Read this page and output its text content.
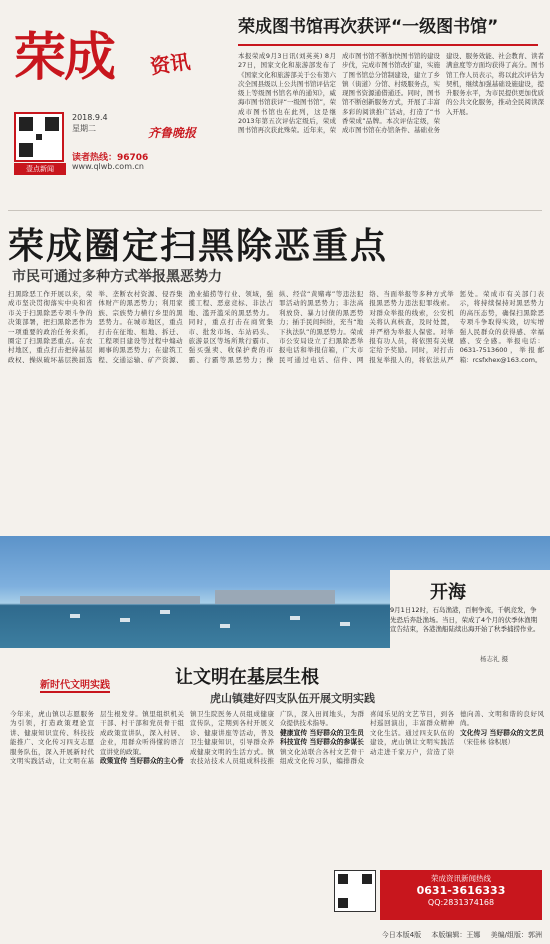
荣成	资讯
壹点新闻
2018.9.4
星期二
读者热线：96706
www.qlwb.com.cn
齐鲁晚报
荣成图书馆再次获评“一级图书馆”
本报荣成9月3日讯(刘英英) 8月27日，国家文化和旅游部发布了《国家文化和旅游部关于公布第六次全国县级以上公共图书馆评估定级上等级图书馆名单的通知》，威海市图书馆获评“一级图书馆”，荣成市图书馆也在此列，这是继2013年第五次评估定级后，荣成图书馆再次获此殊荣。近年来，荣成市图书馆不断加快图书馆的建设步伐，完成市图书馆改扩建，实施了图书馆总分馆制建设，建立了乡镇（街道）分馆、村级服务点，实现图书资源通借通还。同时，图书馆不断创新服务方式，开展了丰富多彩的阅读推广活动，打造了“书香荣成”品牌。本次评估定级，荣成市图书馆在办馆条件、基础业务建设、服务效能、社会教育、读者满意度等方面均获得了高分。图书馆工作人员表示，将以此次评估为契机，继续加强基础设施建设，提升服务水平，为市民提供更加优质的公共文化服务，推动全民阅读深入开展。
荣成圈定扫黑除恶重点
市民可通过多种方式举报黑恶势力
扫黑除恶工作开展以来，荣成市坚决贯彻落实中央和省市关于扫黑除恶专项斗争的决策部署，把扫黑除恶作为一项重要的政治任务来抓，圈定了扫黑除恶重点。在农村地区，重点打击把持基层政权、操纵破坏基层换届选举、垄断农村资源、侵吞集体财产的黑恶势力；利用家族、宗族势力横行乡里的黑恶势力。在城市地区，重点打击在征地、租地、拆迁、工程项目建设等过程中煽动闹事的黑恶势力；在建筑工程、交通运输、矿产资源、渔业捕捞等行业、领域，强揽工程、恶意竞标、非法占地、滥开滥采的黑恶势力。同时，重点打击在商贸集市、批发市场、车站码头、旅游景区等场所欺行霸市、强买强卖、收保护费的市霸、行霸等黑恶势力；操纵、经营“黄赌毒”等违法犯罪活动的黑恶势力；非法高利放贷、暴力讨债的黑恶势力；插手民间纠纷，充当“地下执法队”的黑恶势力。荣成市公安局设立了扫黑除恶举报电话和举报信箱，广大市民可通过电话、信件、网络、当面举报等多种方式举报黑恶势力违法犯罪线索。对群众举报的线索，公安机关将认真核查，及时处置，并严格为举报人保密。对举报有功人员，将依照有关规定给予奖励。同时，对打击报复举报人的，将依法从严惩处。荣成市有关部门表示，将持续保持对黑恶势力的高压态势，确保扫黑除恶专项斗争取得实效，切实增强人民群众的获得感、幸福感、安全感。举报电话：0631-7513600，举报邮箱：rcsfxhex@163.com。
开海
9月1日12时，石岛渔港，百舸争流，千帆竞发，争先恐后奔赴渔场。当日，荣成了4个月的伏季休渔期宣告结束，各港渔船陆续出海开始了秋季捕捞作业。
杨志礼 摄
新时代文明实践	让文明在基层生根
虎山镇建好四支队伍开展文明实践
今年来，虎山镇以志愿服务为引领，打造政策理论宣讲、健康知识宣传、科技技能推广、文化传习四支志愿服务队伍，深入开展新时代文明实践活动，让文明在基层生根发芽。镇里组织机关干部、村干部和党员骨干组成政策宣讲队，深入村居、企业，用群众听得懂的语言宣讲党的政策。
政策宣传 当好群众的主心骨
镇卫生院医务人员组成健康宣传队，定期到各村开展义诊、健康讲座等活动，普及卫生健康知识，引导群众养成健康文明的生活方式。镇农技站技术人员组成科技推广队，深入田间地头，为群众提供技术指导。
健康宣传 当好群众的卫生员
科技宣传 当好群众的参谋长
镇文化站联合各村文艺骨干组成文化传习队，编排群众喜闻乐见的文艺节目，到各村巡回演出，丰富群众精神文化生活。通过四支队伍的建设，虎山镇让文明实践活动走进千家万户，营造了崇德向善、文明和谐的良好风尚。
文化传习 当好群众的文艺员
（宋佳林 徐积展）
荣成资讯新闻热线
0631-3616333
QQ:2831374168
今日本版4版 本版编辑：王娜 美编/组版：郭洲
